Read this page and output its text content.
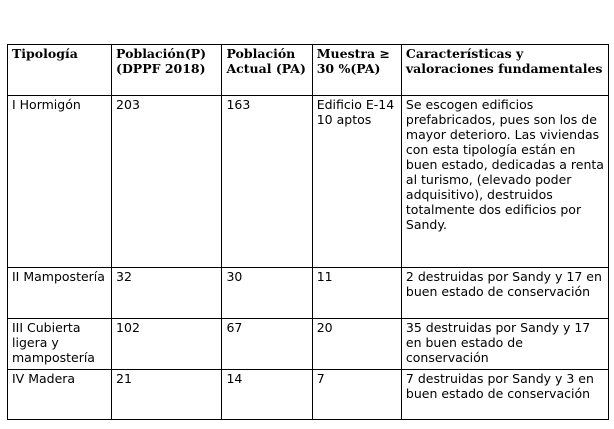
Tipología	Población(P) (DPPF 2018)	Población Actual (PA)	Muestra ≥ 30 %(PA)	Características y valoraciones fundamentales
I Hormigón	203	163	Edificio E-14 10 aptos	Se escogen edificios prefabricados, pues son los de mayor deterioro. Las viviendas con esta tipología están en buen estado, dedicadas a renta al turismo, (elevado poder adquisitivo), destruidos totalmente dos edificios por Sandy.
II Mampostería	32	30	11	2 destruidas por Sandy y 17 en buen estado de conservación
III Cubierta ligera y mampostería	102	67	20	35 destruidas por Sandy y 17 en buen estado de conservación
IV Madera	21	14	7	7 destruidas por Sandy y 3 en buen estado de conservación
